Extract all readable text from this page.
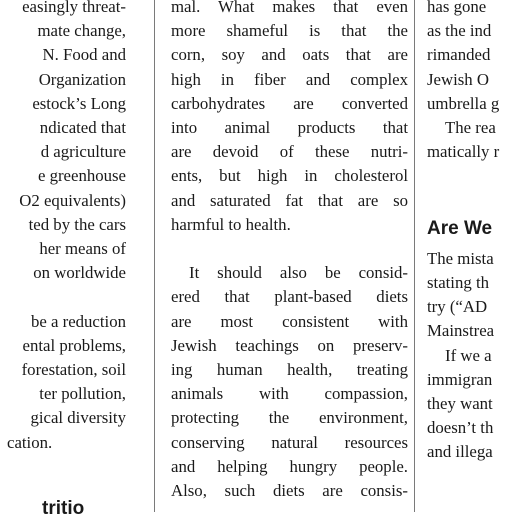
easingly threat-
mate change,
N. Food and
Organization
estock’s Long
ndicated that
d agriculture
e greenhouse
O2 equivalents)
ted by the cars
her means of
on worldwide
be a reduction
ental problems,
forestation, soil
ter pollution,
gical diversity
cation.
tritio
mal. What makes that even
more shameful is that the
corn, soy and oats that are
high in fiber and complex
carbohydrates are converted
into animal products that
are devoid of these nutri-
ents, but high in cholesterol
and saturated fat that are so
harmful to health.
It should also be consid-
ered that plant-based diets
are most consistent with
Jewish teachings on preserv-
ing human health, treating
animals with compassion,
protecting the environment,
conserving natural resources
and helping hungry people.
Also, such diets are consis-
has gone
as the ind
rimanded
Jewish O
umbrella g
The rea
matically r
Are We
The mista
stating th
try (“AD
Mainstrea
If we a
immigran
they want
doesn’t th
and illega
